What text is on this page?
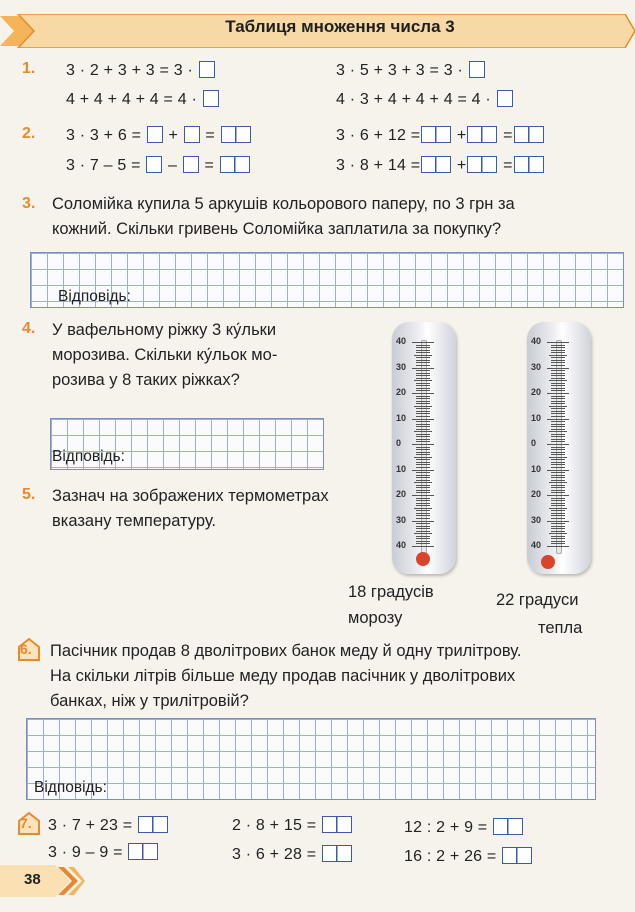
Таблиця множення числа 3
1. 3 · 2 + 3 + 3 = 3 ·	3 · 5 + 3 + 3 = 3 ·
4 + 4 + 4 + 4 = 4 ·	4 · 3 + 4 + 4 + 4 = 4 ·
2. 3 · 3 + 6 = + =	3 · 6 + 12 = + =
3 · 7 – 5 = – =	3 · 8 + 14 = + =
3. Соломійка купила 5 аркушів кольорового паперу, по 3 грн за
кожний. Скільки гривень Соломійка заплатила за покупку?
Відповідь:
4. У вафельному ріжку 3 ку́льки
морозива. Скільки ку́льок мо-
розива у 8 таких ріжках?
Відповідь:
5. Зазнач на зображених термометрах
вказану температуру.
40
30
20
10
0
10
20
30
40
40
30
20
10
0
10
20
30
40
18 градусів
морозу
22 градуси
тепла
6. Пасічник продав 8 дволітрових банок меду й одну трилітрову.
На скільки літрів більше меду продав пасічник у дволітрових
банках, ніж у трилітровій?
Відповідь:
7. 3 · 7 + 23 =	2 · 8 + 15 =	12 : 2 + 9 =
3 · 9 – 9 =	3 · 6 + 28 =	16 : 2 + 26 =
38
